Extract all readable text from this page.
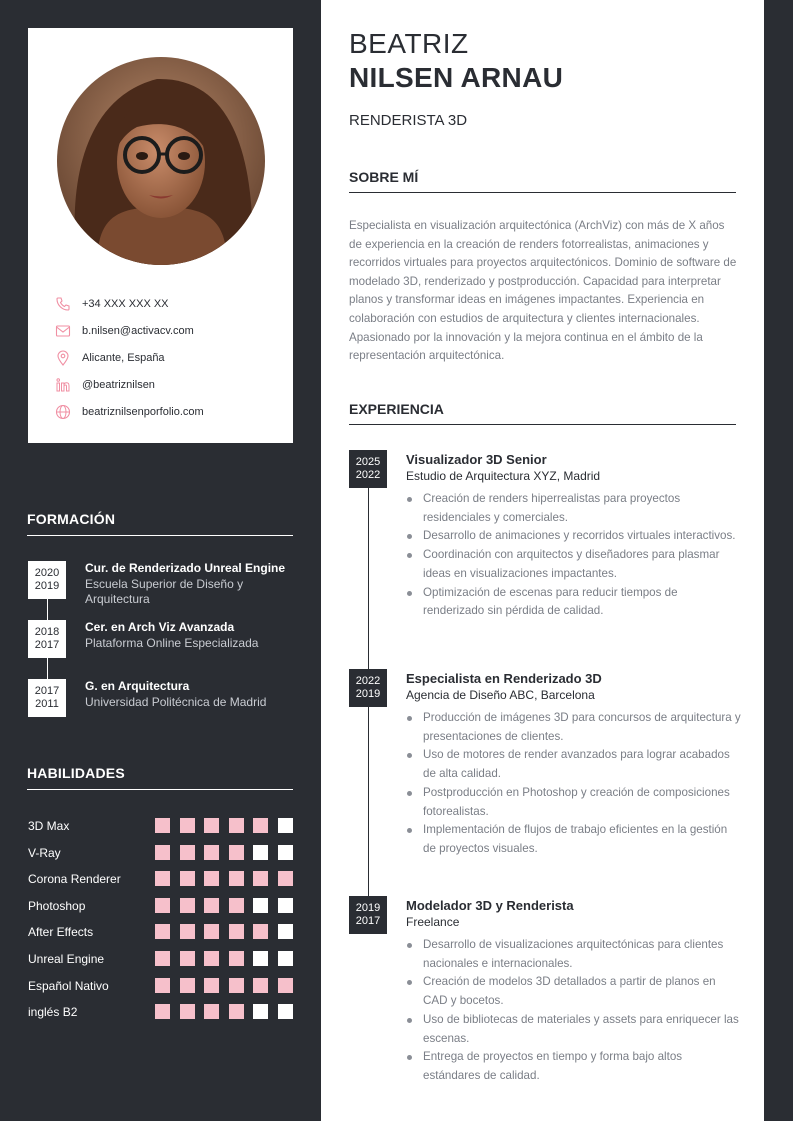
+34 XXX XXX XX
b.nilsen@activacv.com
Alicante, España
@beatriznilsen
beatriznilsenporfolio.com
FORMACIÓN
2020
2019
Cur. de Renderizado Unreal Engine
Escuela Superior de Diseño y Arquitectura
2018
2017
Cer. en Arch Viz Avanzada
Plataforma Online Especializada
2017
2011
G. en Arquitectura
Universidad Politécnica de Madrid
HABILIDADES
3D Max
V-Ray
Corona Renderer
Photoshop
After Effects
Unreal Engine
Español Nativo
inglés B2
BEATRIZ
NILSEN ARNAU
RENDERISTA 3D
SOBRE MÍ
Especialista en visualización arquitectónica (ArchViz) con más de X años de experiencia en la creación de renders fotorrealistas, animaciones y recorridos virtuales para proyectos arquitectónicos. Dominio de software de modelado 3D, renderizado y postproducción. Capacidad para interpretar planos y transformar ideas en imágenes impactantes. Experiencia en colaboración con estudios de arquitectura y clientes internacionales. Apasionado por la innovación y la mejora continua en el ámbito de la representación arquitectónica.
EXPERIENCIA
2025
2022
Visualizador 3D Senior
Estudio de Arquitectura XYZ, Madrid
Creación de renders hiperrealistas para proyectos residenciales y comerciales.
Desarrollo de animaciones y recorridos virtuales interactivos.
Coordinación con arquitectos y diseñadores para plasmar ideas en visualizaciones impactantes.
Optimización de escenas para reducir tiempos de renderizado sin pérdida de calidad.
2022
2019
Especialista en Renderizado 3D
Agencia de Diseño ABC, Barcelona
Producción de imágenes 3D para concursos de arquitectura y presentaciones de clientes.
Uso de motores de render avanzados para lograr acabados de alta calidad.
Postproducción en Photoshop y creación de composiciones fotorealistas.
Implementación de flujos de trabajo eficientes en la gestión de proyectos visuales.
2019
2017
Modelador 3D y Renderista
Freelance
Desarrollo de visualizaciones arquitectónicas para clientes nacionales e internacionales.
Creación de modelos 3D detallados a partir de planos en CAD y bocetos.
Uso de bibliotecas de materiales y assets para enriquecer las escenas.
Entrega de proyectos en tiempo y forma bajo altos estándares de calidad.
